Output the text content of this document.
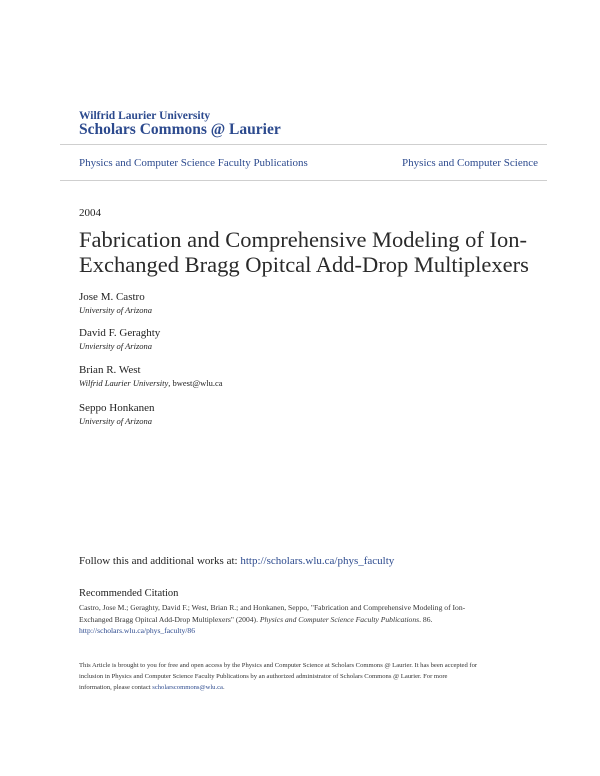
Wilfrid Laurier University
Scholars Commons @ Laurier
Physics and Computer Science Faculty Publications	Physics and Computer Science
2004
Fabrication and Comprehensive Modeling of Ion-
Exchanged Bragg Opitcal Add-Drop Multiplexers
Jose M. Castro
University of Arizona
David F. Geraghty
Unviersity of Arizona
Brian R. West
Wilfrid Laurier University, bwest@wlu.ca
Seppo Honkanen
University of Arizona
Follow this and additional works at: http://scholars.wlu.ca/phys_faculty
Recommended Citation
Castro, Jose M.; Geraghty, David F.; West, Brian R.; and Honkanen, Seppo, "Fabrication and Comprehensive Modeling of Ion-
Exchanged Bragg Opitcal Add-Drop Multiplexers" (2004). Physics and Computer Science Faculty Publications. 86.
http://scholars.wlu.ca/phys_faculty/86
This Article is brought to you for free and open access by the Physics and Computer Science at Scholars Commons @ Laurier. It has been accepted for
inclusion in Physics and Computer Science Faculty Publications by an authorized administrator of Scholars Commons @ Laurier. For more
information, please contact scholarscommons@wlu.ca.
